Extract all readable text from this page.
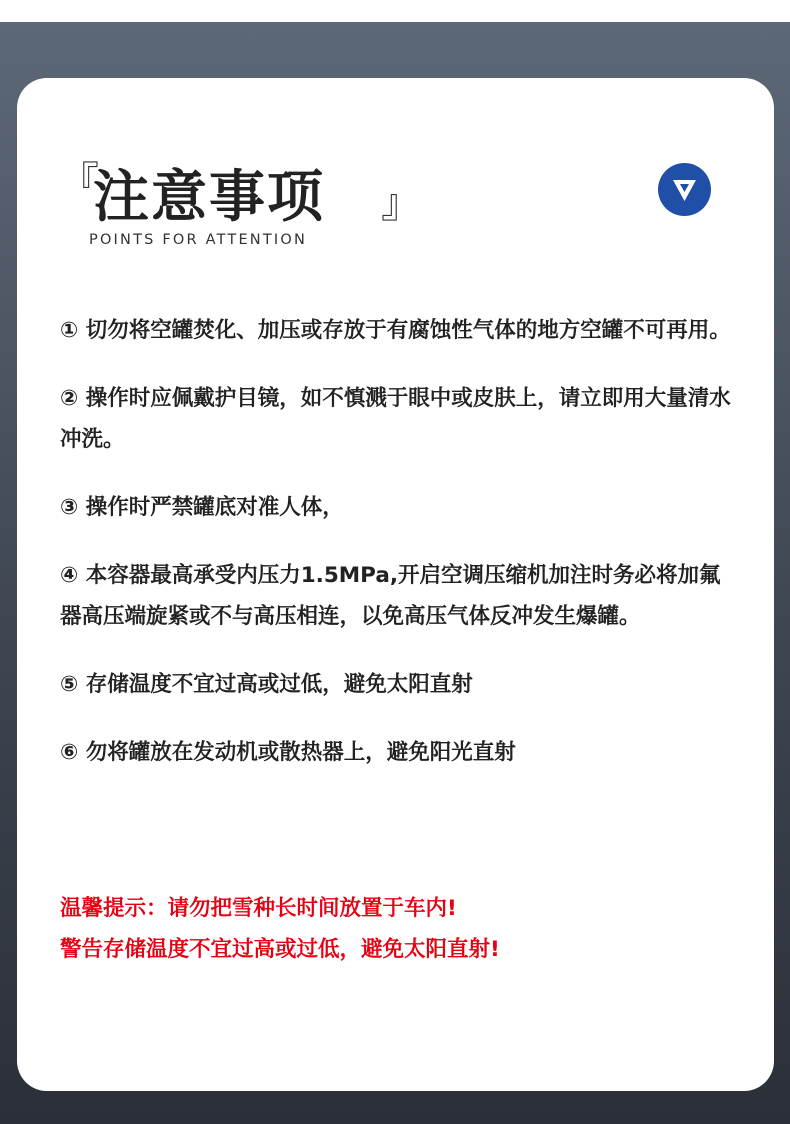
『
注意事项 』
POINTS FOR ATTENTION
① 切勿将空罐焚化、加压或存放于有腐蚀性气体的地方空罐不可再用。
② 操作时应佩戴护目镜，如不慎溅于眼中或皮肤上，请立即用大量清水冲洗。
③ 操作时严禁罐底对准人体，
④ 本容器最高承受内压力1.5MPa,开启空调压缩机加注时务必将加氟器高压端旋紧或不与高压相连，以免高压气体反冲发生爆罐。
⑤ 存储温度不宜过高或过低，避免太阳直射
⑥ 勿将罐放在发动机或散热器上，避免阳光直射
温馨提示：请勿把雪种长时间放置于车内!
警告存储温度不宜过高或过低，避免太阳直射!
